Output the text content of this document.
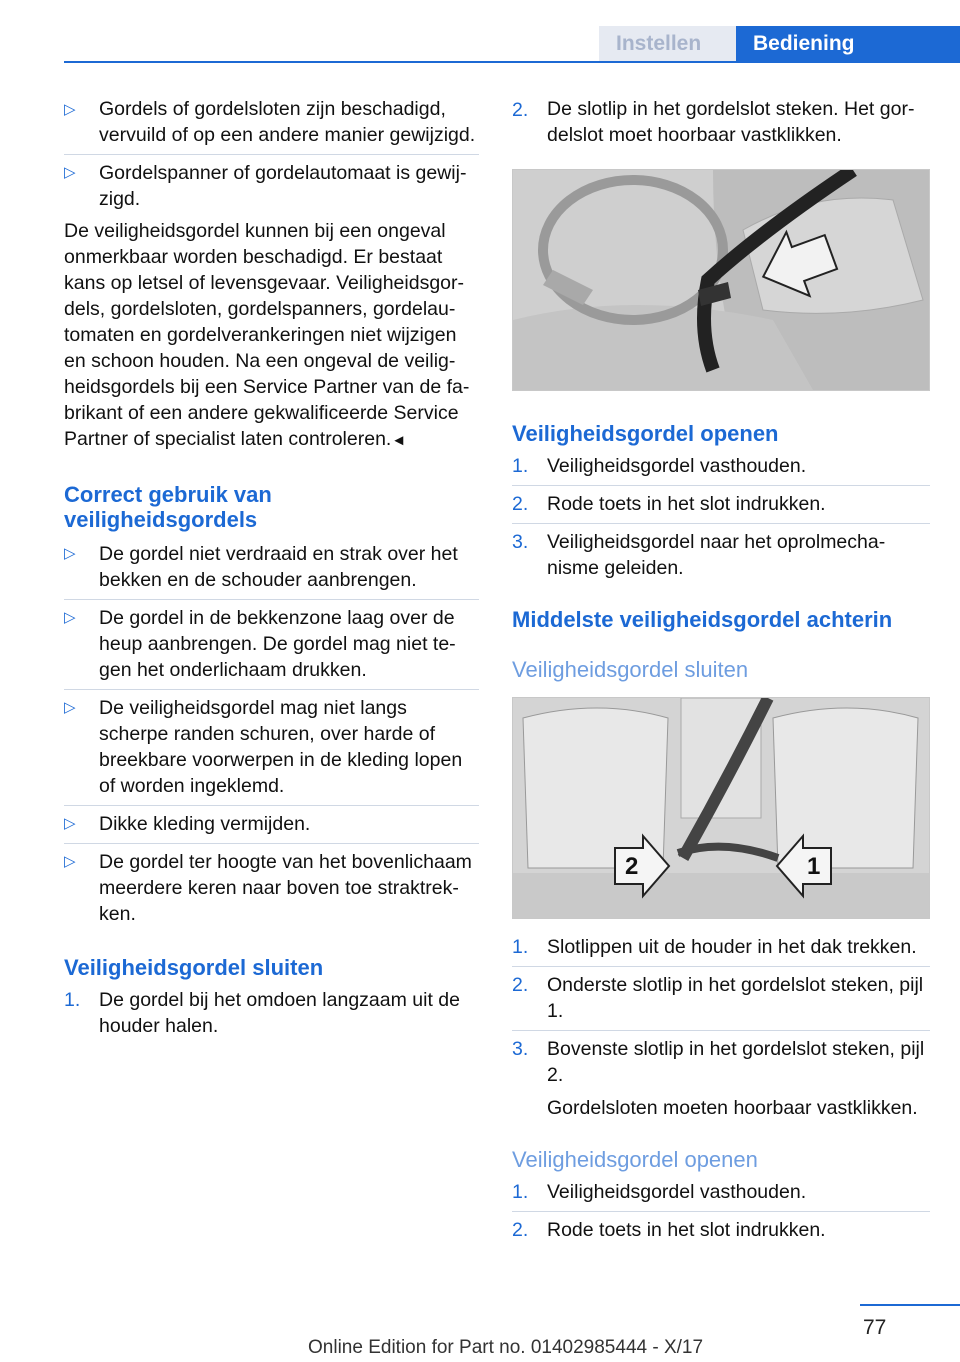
Instellen	Bediening
▷ Gordels of gordelsloten zijn beschadigd, vervuild of op een andere manier gewijzigd.
▷ Gordelspanner of gordelautomaat is gewijzigd.

De veiligheidsgordel kunnen bij een ongeval onmerkbaar worden beschadigd. Er bestaat kans op letsel of levensgevaar. Veiligheidsgordels, gordelsloten, gordelspanners, gordelautomaten en gordelverankeringen niet wijzigen en schoon houden. Na een ongeval de veiligheidsgordels bij een Service Partner van de fabrikant of een andere gekwalificeerde Service Partner of specialist laten controleren.◄

Correct gebruik van
veiligheidsgordels
▷ De gordel niet verdraaid en strak over het bekken en de schouder aanbrengen.
▷ De gordel in de bekkenzone laag over de heup aanbrengen. De gordel mag niet tegen het onderlichaam drukken.
▷ De veiligheidsgordel mag niet langs scherpe randen schuren, over harde of breekbare voorwerpen in de kleding lopen of worden ingeklemd.
▷ Dikke kleding vermijden.
▷ De gordel ter hoogte van het bovenlichaam meerdere keren naar boven toe straktrekken.
Veiligheidsgordel sluiten
1. De gordel bij het omdoen langzaam uit de houder halen.
2. De slotlip in het gordelslot steken. Het gordelslot moet hoorbaar vastklikken.
Veiligheidsgordel openen
1. Veiligheidsgordel vasthouden.
2. Rode toets in het slot indrukken.
3. Veiligheidsgordel naar het oprolmechanisme geleiden.
Middelste veiligheidsgordel achterin
Veiligheidsgordel sluiten
2	1
1. Slotlippen uit de houder in het dak trekken.
2. Onderste slotlip in het gordelslot steken, pijl 1.
3. Bovenste slotlip in het gordelslot steken, pijl 2.
Gordelsloten moeten hoorbaar vastklikken.
Veiligheidsgordel openen
1. Veiligheidsgordel vasthouden.
2. Rode toets in het slot indrukken.
77
Online Edition for Part no. 01402985444 - X/17
